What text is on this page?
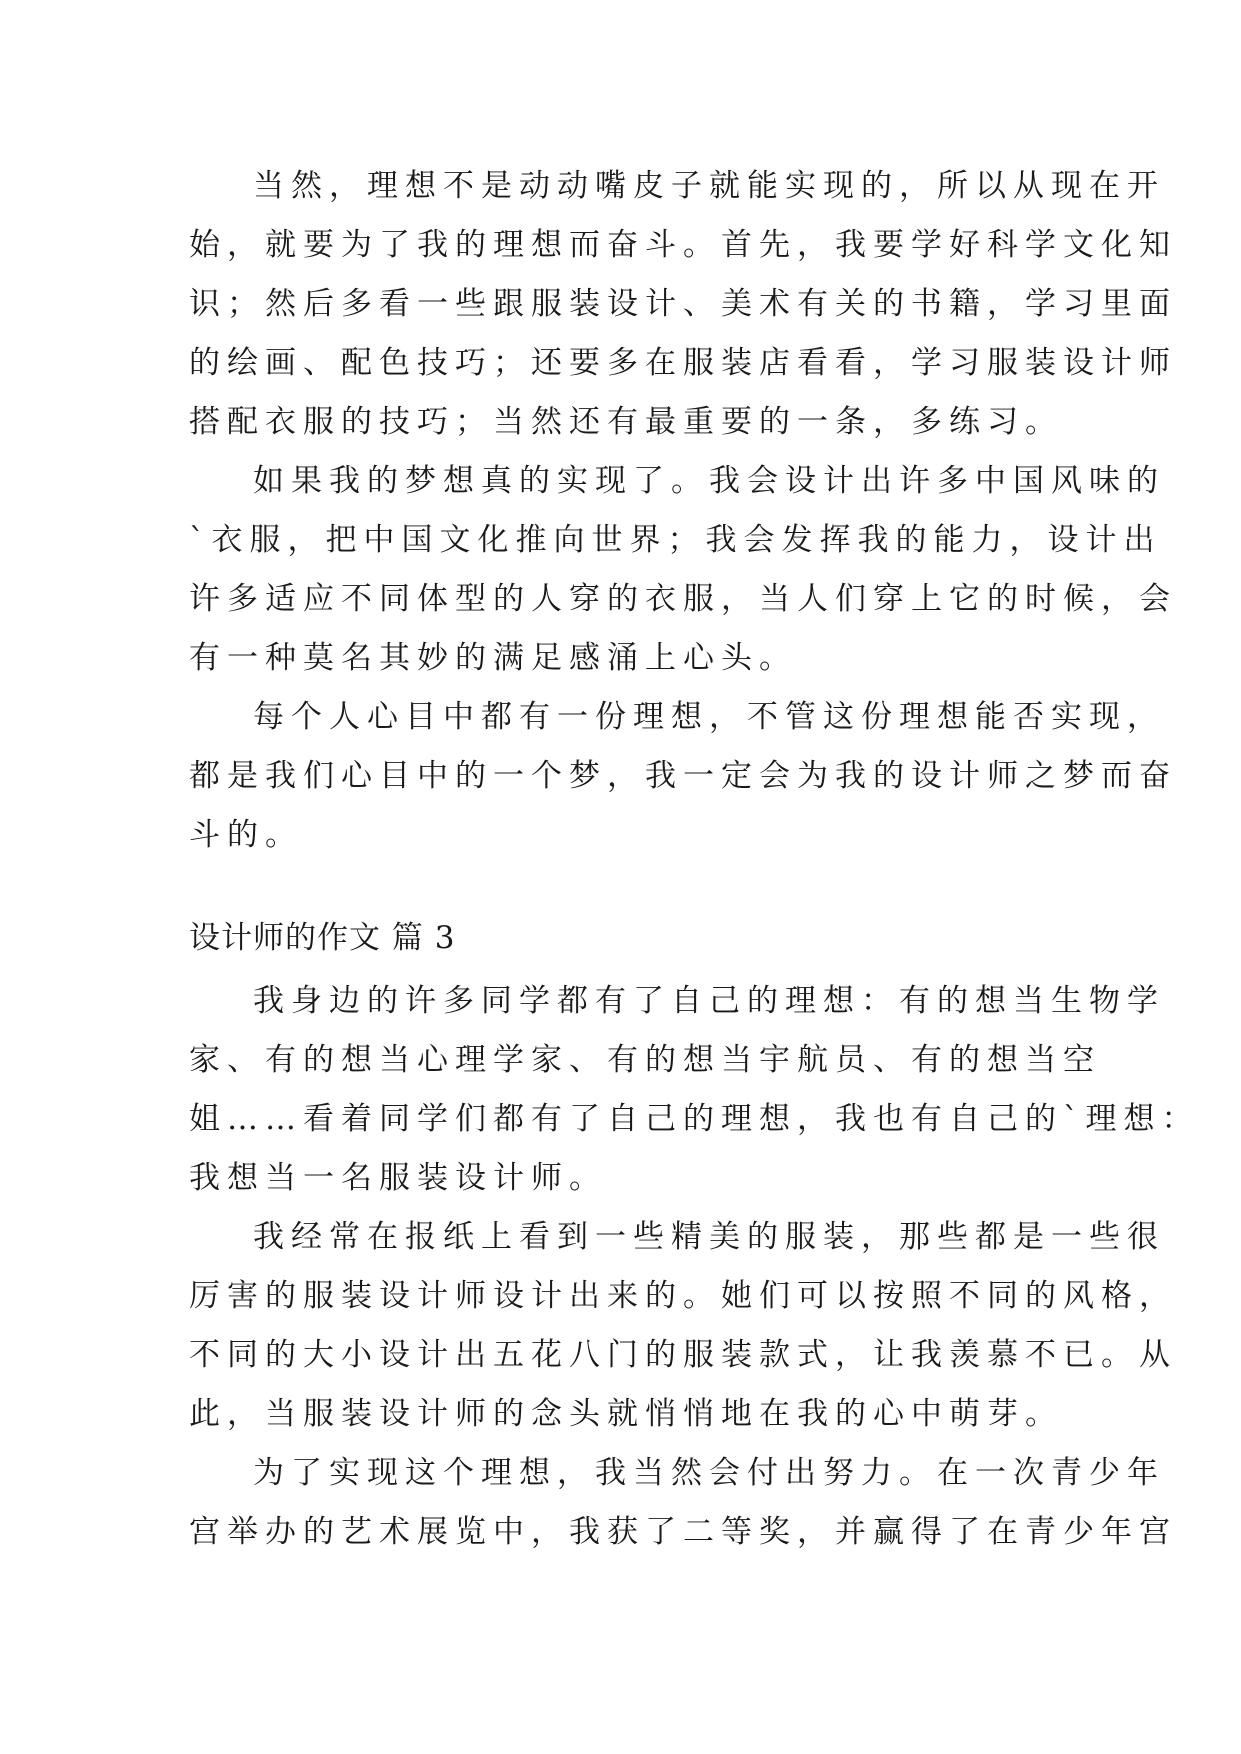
当然，理想不是动动嘴皮子就能实现的，所以从现在开
始，就要为了我的理想而奋斗。首先，我要学好科学文化知
识；然后多看一些跟服装设计、美术有关的书籍，学习里面
的绘画、配色技巧；还要多在服装店看看，学习服装设计师
搭配衣服的技巧；当然还有最重要的一条，多练习。
如果我的梦想真的实现了。我会设计出许多中国风味的
`衣服，把中国文化推向世界；我会发挥我的能力，设计出
许多适应不同体型的人穿的衣服，当人们穿上它的时候，会
有一种莫名其妙的满足感涌上心头。
每个人心目中都有一份理想，不管这份理想能否实现，
都是我们心目中的一个梦，我一定会为我的设计师之梦而奋
斗的。
设计师的作文 篇 3
我身边的许多同学都有了自己的理想：有的想当生物学
家、有的想当心理学家、有的想当宇航员、有的想当空
姐……看着同学们都有了自己的理想，我也有自己的`理想：
我想当一名服装设计师。
我经常在报纸上看到一些精美的服装，那些都是一些很
厉害的服装设计师设计出来的。她们可以按照不同的风格，
不同的大小设计出五花八门的服装款式，让我羡慕不已。从
此，当服装设计师的念头就悄悄地在我的心中萌芽。
为了实现这个理想，我当然会付出努力。在一次青少年
宫举办的艺术展览中，我获了二等奖，并赢得了在青少年宫
